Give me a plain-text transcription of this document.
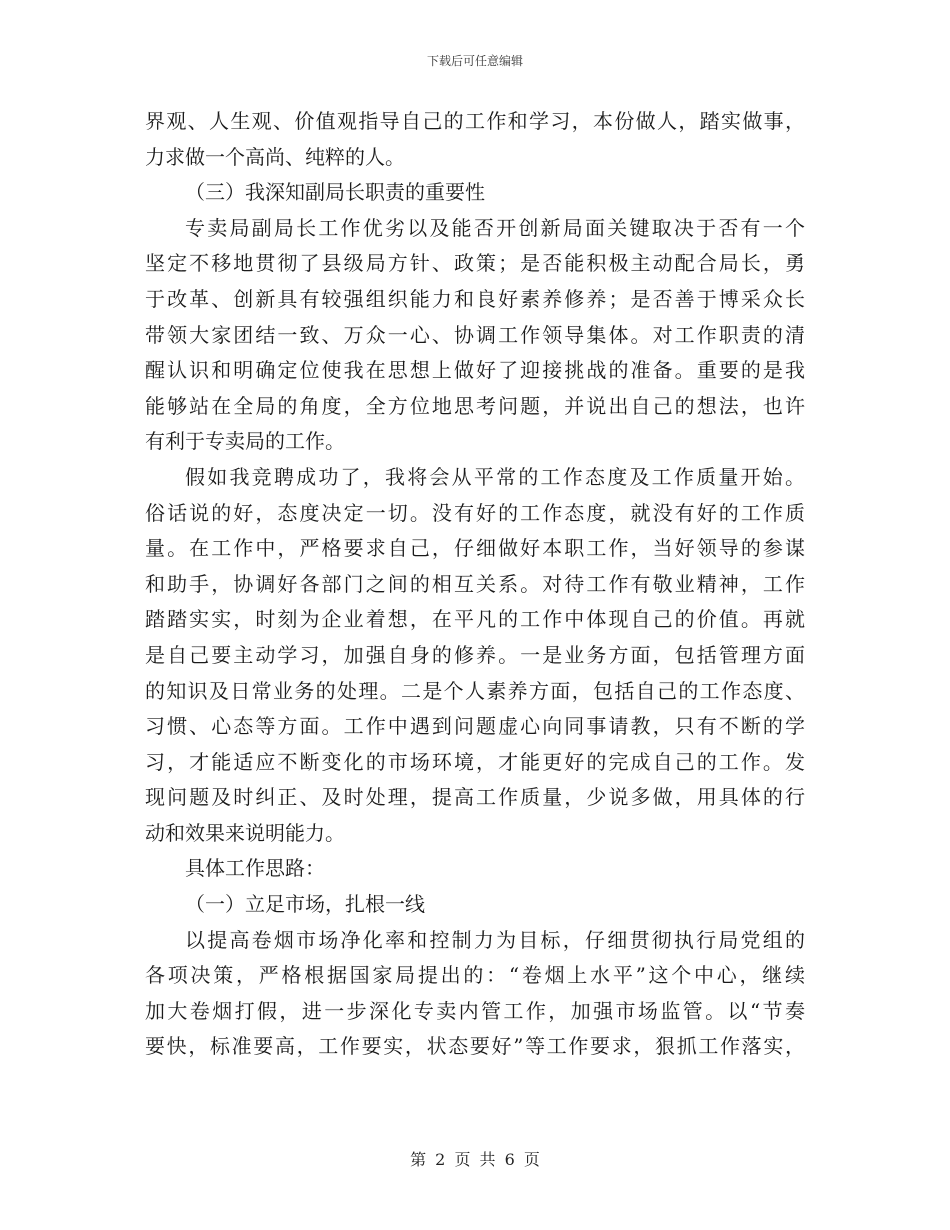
下载后可任意编辑
界观、人生观、价值观指导自己的工作和学习，本份做人，踏实做事，
力求做一个高尚、纯粹的人。
（三）我深知副局长职责的重要性
专卖局副局长工作优劣以及能否开创新局面关键取决于否有一个
坚定不移地贯彻了县级局方针、政策；是否能积极主动配合局长，勇
于改革、创新具有较强组织能力和良好素养修养；是否善于博采众长
带领大家团结一致、万众一心、协调工作领导集体。对工作职责的清
醒认识和明确定位使我在思想上做好了迎接挑战的准备。重要的是我
能够站在全局的角度，全方位地思考问题，并说出自己的想法，也许
有利于专卖局的工作。
假如我竞聘成功了，我将会从平常的工作态度及工作质量开始。
俗话说的好，态度决定一切。没有好的工作态度，就没有好的工作质
量。在工作中，严格要求自己，仔细做好本职工作，当好领导的参谋
和助手，协调好各部门之间的相互关系。对待工作有敬业精神，工作
踏踏实实，时刻为企业着想，在平凡的工作中体现自己的价值。再就
是自己要主动学习，加强自身的修养。一是业务方面，包括管理方面
的知识及日常业务的处理。二是个人素养方面，包括自己的工作态度、
习惯、心态等方面。工作中遇到问题虚心向同事请教，只有不断的学
习，才能适应不断变化的市场环境，才能更好的完成自己的工作。发
现问题及时纠正、及时处理，提高工作质量，少说多做，用具体的行
动和效果来说明能力。
具体工作思路：
（一）立足市场，扎根一线
以提高卷烟市场净化率和控制力为目标，仔细贯彻执行局党组的
各项决策，严格根据国家局提出的：“卷烟上水平”这个中心，继续
加大卷烟打假，进一步深化专卖内管工作，加强市场监管。以“节奏
要快，标准要高，工作要实，状态要好”等工作要求，狠抓工作落实，
第 2 页 共 6 页
